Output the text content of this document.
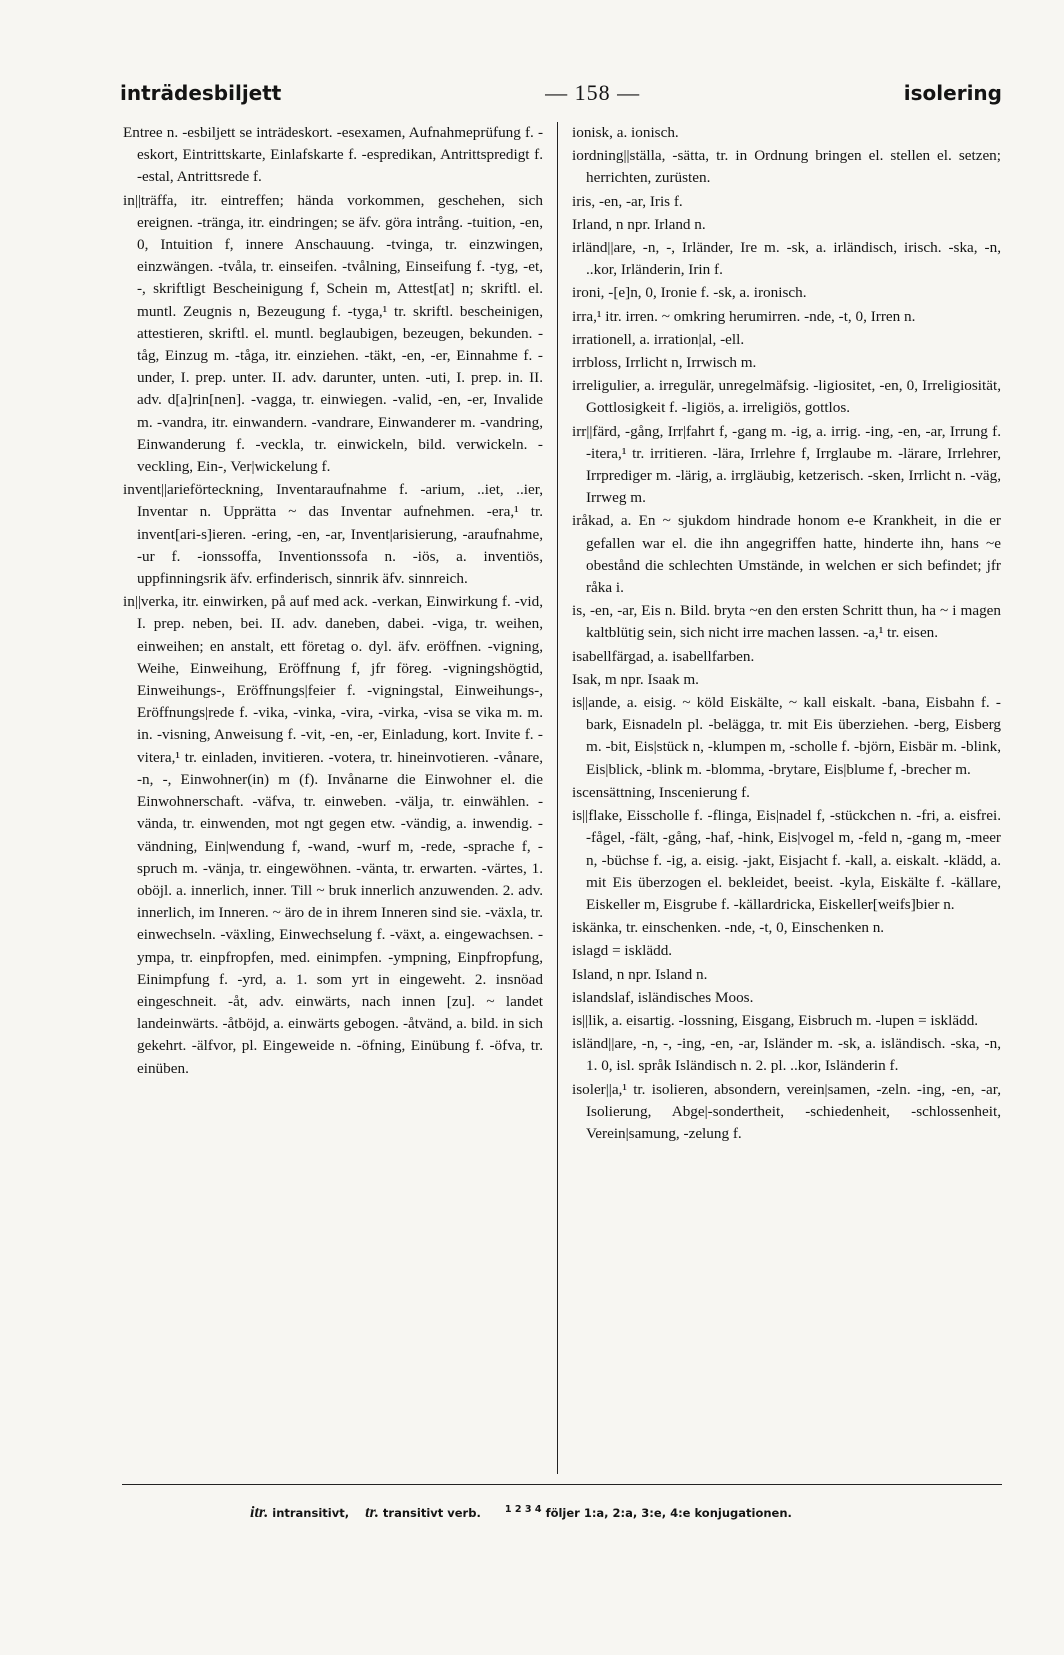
inträdesbiljett	— 158 —	isolering

Entree n. -esbiljett se inträdeskort. -esexamen, Aufnahmeprüfung f. -eskort, Eintrittskarte, Einlafskarte f. -espredikan, Antrittspredigt f. -estal, Antrittsrede f.

in||träffa, itr. eintreffen; hända vorkommen, geschehen, sich ereignen. -tränga, itr. eindringen; se äfv. göra intrång. -tuition, -en, 0, Intuition f, innere Anschauung. -tvinga, tr. einzwingen, einzwängen. -tvåla, tr. einseifen. -tvålning, Einseifung f. -tyg, -et, -, skriftligt Bescheinigung f, Schein m, Attest[at] n; skriftl. el. muntl. Zeugnis n, Bezeugung f. -tyga,¹ tr. skriftl. bescheinigen, attestieren, skriftl. el. muntl. beglaubigen, bezeugen, bekunden. -tåg, Einzug m. -tåga, itr. einziehen. -täkt, -en, -er, Einnahme f. -under, I. prep. unter. II. adv. darunter, unten. -uti, I. prep. in. II. adv. d[a]rin[nen]. -vagga, tr. einwiegen. -valid, -en, -er, Invalide m. -vandra, itr. einwandern. -vandrare, Einwanderer m. -vandring, Einwanderung f. -veckla, tr. einwickeln, bild. verwickeln. -veckling, Ein-, Ver|wickelung f.

invent||arieförteckning, Inventaraufnahme f. -arium, ..iet, ..ier, Inventar n. Upprätta ~ das Inventar aufnehmen. -era,¹ tr. invent[ari-s]ieren. -ering, -en, -ar, Invent|arisierung, -araufnahme, -ur f. -ionssoffa, Inventionssofa n. -iös, a. inventiös, uppfinningsrik äfv. erfinderisch, sinnrik äfv. sinnreich.

in||verka, itr. einwirken, på auf med ack. -verkan, Einwirkung f. -vid, I. prep. neben, bei. II. adv. daneben, dabei. -viga, tr. weihen, einweihen; en anstalt, ett företag o. dyl. äfv. eröffnen. -vigning, Weihe, Einweihung, Eröffnung f, jfr föreg. -vigningshögtid, Einweihungs-, Eröffnungs|feier f. -vigningstal, Einweihungs-, Eröffnungs|rede f. -vika, -vinka, -vira, -virka, -visa se vika m. m. in. -visning, Anweisung f. -vit, -en, -er, Einladung, kort. Invite f. -vitera,¹ tr. einladen, invitieren. -votera, tr. hineinvotieren. -vånare, -n, -, Einwohner(in) m (f). Invånarne die Einwohner el. die Einwohnerschaft. -väfva, tr. einweben. -välja, tr. einwählen. -vända, tr. einwenden, mot ngt gegen etw. -vändig, a. inwendig. -vändning, Ein|wendung f, -wand, -wurf m, -rede, -sprache f, -spruch m. -vänja, tr. eingewöhnen. -vänta, tr. erwarten. -värtes, 1. oböjl. a. innerlich, inner. Till ~ bruk innerlich anzuwenden. 2. adv. innerlich, im Inneren. ~ äro de in ihrem Inneren sind sie. -växla, tr. einwechseln. -växling, Einwechselung f. -växt, a. eingewachsen. -ympa, tr. einpfropfen, med. einimpfen. -ympning, Einpfropfung, Einimpfung f. -yrd, a. 1. som yrt in eingeweht. 2. insnöad eingeschneit. -åt, adv. einwärts, nach innen [zu]. ~ landet landeinwärts. -åtböjd, a. einwärts gebogen. -åtvänd, a. bild. in sich gekehrt. -älfvor, pl. Eingeweide n. -öfning, Einübung f. -öfva, tr. einüben.

ionisk, a. ionisch.

iordning||ställa, -sätta, tr. in Ordnung bringen el. stellen el. setzen; herrichten, zurüsten.

iris, -en, -ar, Iris f.

Irland, n npr. Irland n.

irländ||are, -n, -, Irländer, Ire m. -sk, a. irländisch, irisch. -ska, -n, ..kor, Irländerin, Irin f.

ironi, -[e]n, 0, Ironie f. -sk, a. ironisch.

irra,¹ itr. irren. ~ omkring herumirren. -nde, -t, 0, Irren n.

irrationell, a. irration|al, -ell.

irrbloss, Irrlicht n, Irrwisch m.

irreligulier, a. irregulär, unregelmäfsig. -ligiositet, -en, 0, Irreligiosität, Gottlosigkeit f. -ligiös, a. irreligiös, gottlos.

irr||färd, -gång, Irr|fahrt f, -gang m. -ig, a. irrig. -ing, -en, -ar, Irrung f. -itera,¹ tr. irritieren. -lära, Irrlehre f, Irrglaube m. -lärare, Irrlehrer, Irrprediger m. -lärig, a. irrgläubig, ketzerisch. -sken, Irrlicht n. -väg, Irrweg m.

iråkad, a. En ~ sjukdom hindrade honom e-e Krankheit, in die er gefallen war el. die ihn angegriffen hatte, hinderte ihn, hans ~e obestånd die schlechten Umstände, in welchen er sich befindet; jfr råka i.

is, -en, -ar, Eis n. Bild. bryta ~en den ersten Schritt thun, ha ~ i magen kaltblütig sein, sich nicht irre machen lassen. -a,¹ tr. eisen.

isabellfärgad, a. isabellfarben.

Isak, m npr. Isaak m.

is||ande, a. eisig. ~ köld Eiskälte, ~ kall eiskalt. -bana, Eisbahn f. -bark, Eisnadeln pl. -belägga, tr. mit Eis überziehen. -berg, Eisberg m. -bit, Eis|stück n, -klumpen m, -scholle f. -björn, Eisbär m. -blink, Eis|blick, -blink m. -blomma, -brytare, Eis|blume f, -brecher m.

iscensättning, Inscenierung f.

is||flake, Eisscholle f. -flinga, Eis|nadel f, -stückchen n. -fri, a. eisfrei. -fågel, -fält, -gång, -haf, -hink, Eis|vogel m, -feld n, -gang m, -meer n, -büchse f. -ig, a. eisig. -jakt, Eisjacht f. -kall, a. eiskalt. -klädd, a. mit Eis überzogen el. bekleidet, beeist. -kyla, Eiskälte f. -källare, Eiskeller m, Eisgrube f. -källardricka, Eiskeller[weifs]bier n.

iskänka, tr. einschenken. -nde, -t, 0, Einschenken n.

islagd = isklädd.

Island, n npr. Island n.

islandslaf, isländisches Moos.

is||lik, a. eisartig. -lossning, Eisgang, Eisbruch m. -lupen = isklädd.

isländ||are, -n, -, -ing, -en, -ar, Isländer m. -sk, a. isländisch. -ska, -n, 1. 0, isl. språk Isländisch n. 2. pl. ..kor, Isländerin f.

isoler||a,¹ tr. isolieren, absondern, verein|samen, -zeln. -ing, -en, -ar, Isolierung, Abge|-sondertheit, -schiedenheit, -schlossenheit, Verein|samung, -zelung f.

itr. intransitivt, tr. transitivt verb.	$^{1 2 3 4}$ följer 1:a, 2:a, 3:e, 4:e konjugationen.
